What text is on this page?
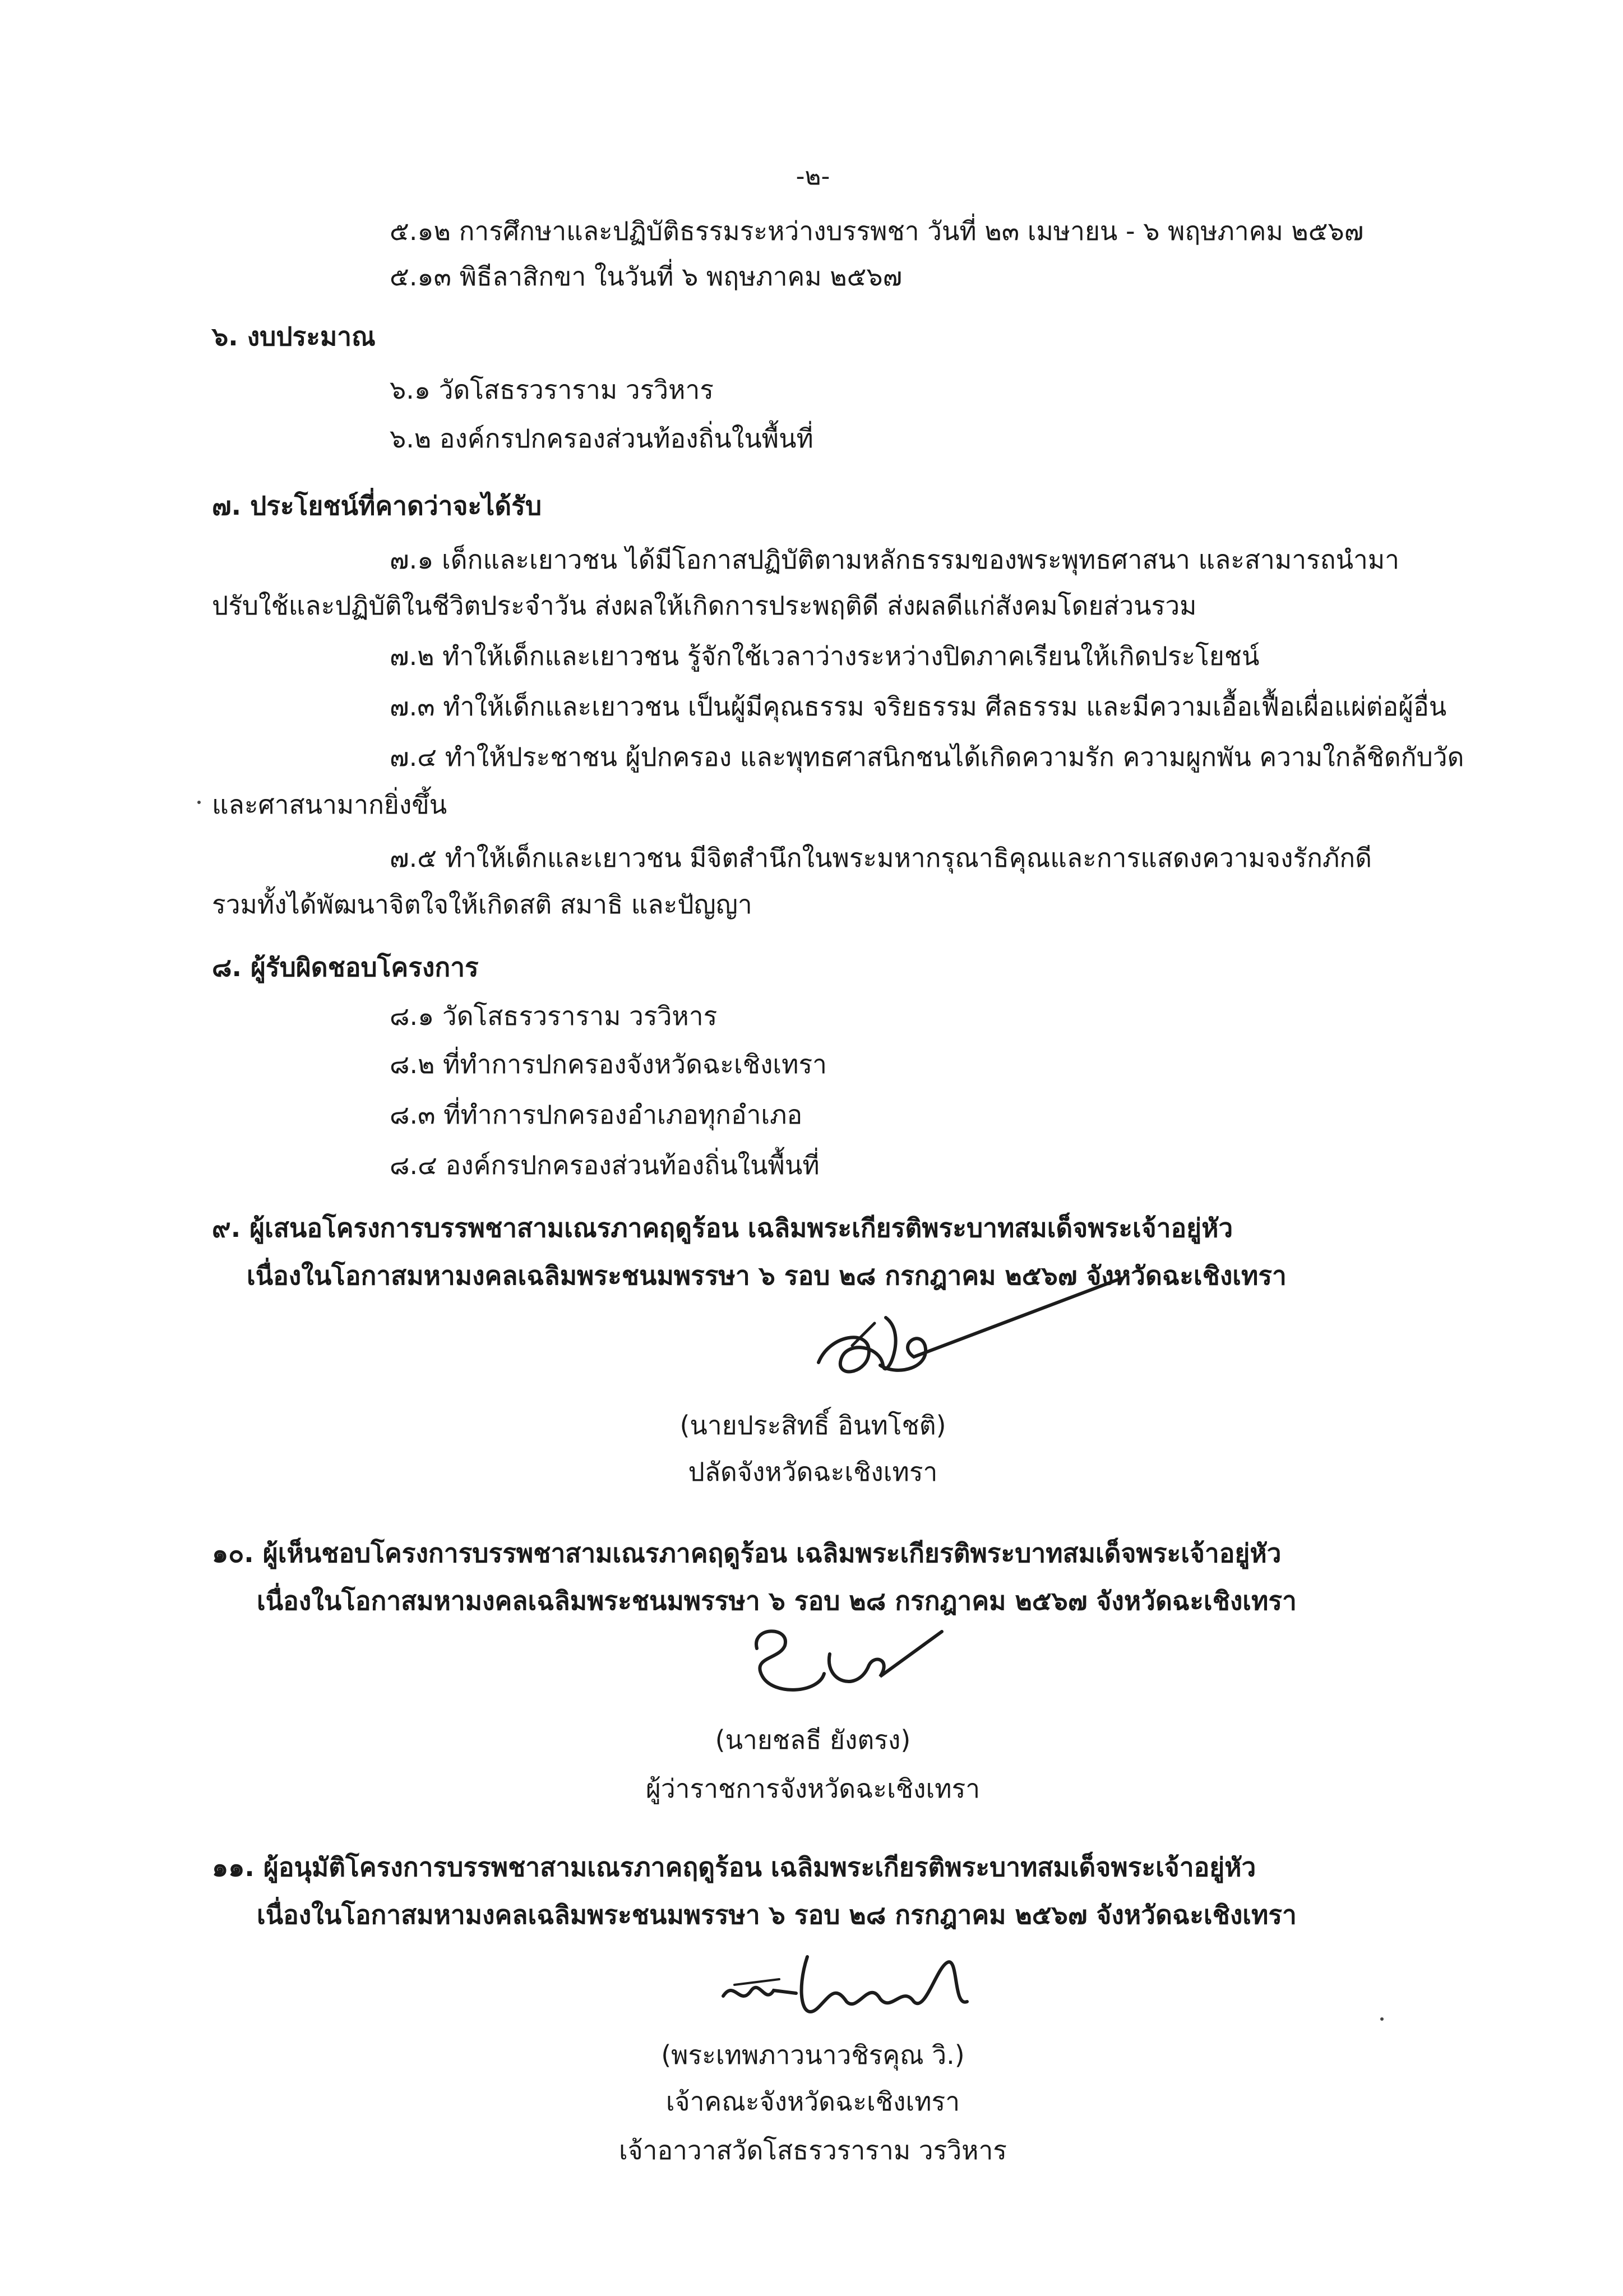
-๒-
๕.๑๒ การศึกษาและปฏิบัติธรรมระหว่างบรรพชา วันที่ ๒๓ เมษายน - ๖ พฤษภาคม ๒๕๖๗
๕.๑๓ พิธีลาสิกขา ในวันที่ ๖ พฤษภาคม ๒๕๖๗
๖. งบประมาณ
๖.๑ วัดโสธรวราราม วรวิหาร
๖.๒ องค์กรปกครองส่วนท้องถิ่นในพื้นที่
๗. ประโยชน์ที่คาดว่าจะได้รับ
๗.๑ เด็กและเยาวชน ได้มีโอกาสปฏิบัติตามหลักธรรมของพระพุทธศาสนา และสามารถนำมา
ปรับใช้และปฏิบัติในชีวิตประจำวัน ส่งผลให้เกิดการประพฤติดี ส่งผลดีแก่สังคมโดยส่วนรวม
๗.๒ ทำให้เด็กและเยาวชน รู้จักใช้เวลาว่างระหว่างปิดภาคเรียนให้เกิดประโยชน์
๗.๓ ทำให้เด็กและเยาวชน เป็นผู้มีคุณธรรม จริยธรรม ศีลธรรม และมีความเอื้อเฟื้อเผื่อแผ่ต่อผู้อื่น
๗.๔ ทำให้ประชาชน ผู้ปกครอง และพุทธศาสนิกชนได้เกิดความรัก ความผูกพัน ความใกล้ชิดกับวัด
และศาสนามากยิ่งขึ้น
๗.๕ ทำให้เด็กและเยาวชน มีจิตสำนึกในพระมหากรุณาธิคุณและการแสดงความจงรักภักดี
รวมทั้งได้พัฒนาจิตใจให้เกิดสติ สมาธิ และปัญญา
๘. ผู้รับผิดชอบโครงการ
๘.๑ วัดโสธรวราราม วรวิหาร
๘.๒ ที่ทำการปกครองจังหวัดฉะเชิงเทรา
๘.๓ ที่ทำการปกครองอำเภอทุกอำเภอ
๘.๔ องค์กรปกครองส่วนท้องถิ่นในพื้นที่
๙. ผู้เสนอโครงการบรรพชาสามเณรภาคฤดูร้อน เฉลิมพระเกียรติพระบาทสมเด็จพระเจ้าอยู่หัว
เนื่องในโอกาสมหามงคลเฉลิมพระชนมพรรษา ๖ รอบ ๒๘ กรกฎาคม ๒๕๖๗ จังหวัดฉะเชิงเทรา
(นายประสิทธิ์ อินทโชติ)
ปลัดจังหวัดฉะเชิงเทรา
๑๐. ผู้เห็นชอบโครงการบรรพชาสามเณรภาคฤดูร้อน เฉลิมพระเกียรติพระบาทสมเด็จพระเจ้าอยู่หัว
เนื่องในโอกาสมหามงคลเฉลิมพระชนมพรรษา ๖ รอบ ๒๘ กรกฎาคม ๒๕๖๗ จังหวัดฉะเชิงเทรา
(นายชลธี ยังตรง)
ผู้ว่าราชการจังหวัดฉะเชิงเทรา
๑๑. ผู้อนุมัติโครงการบรรพชาสามเณรภาคฤดูร้อน เฉลิมพระเกียรติพระบาทสมเด็จพระเจ้าอยู่หัว
เนื่องในโอกาสมหามงคลเฉลิมพระชนมพรรษา ๖ รอบ ๒๘ กรกฎาคม ๒๕๖๗ จังหวัดฉะเชิงเทรา
(พระเทพภาวนาวชิรคุณ วิ.)
เจ้าคณะจังหวัดฉะเชิงเทรา
เจ้าอาวาสวัดโสธรวราราม วรวิหาร
